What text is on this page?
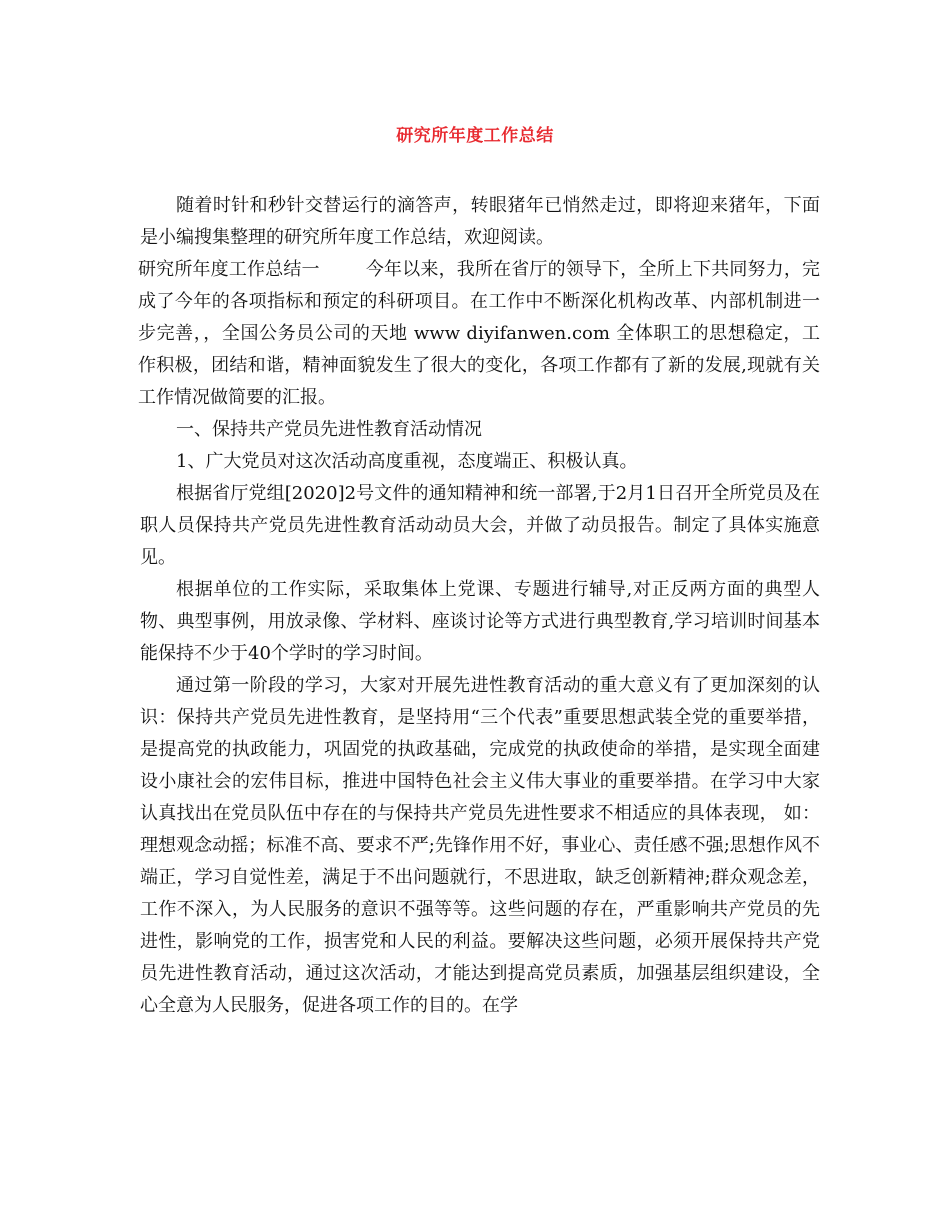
研究所年度工作总结

随着时针和秒针交替运行的滴答声，转眼猪年已悄然走过，即将迎来猪年，下面是小编搜集整理的研究所年度工作总结，欢迎阅读。

研究所年度工作总结一	今年以来，我所在省厅的领导下，全所上下共同努力，完成了今年的各项指标和预定的科研项目。在工作中不断深化机构改革、内部机制进一步完善，，全国公务员公司的天地 www diyifanwen.com 全体职工的思想稳定，工作积极，团结和谐，精神面貌发生了很大的变化，各项工作都有了新的发展,现就有关工作情况做简要的汇报。

一、保持共产党员先进性教育活动情况

1、广大党员对这次活动高度重视，态度端正、积极认真。

根据省厅党组[2020]2号文件的通知精神和统一部署,于2月1日召开全所党员及在职人员保持共产党员先进性教育活动动员大会，并做了动员报告。制定了具体实施意见。

根据单位的工作实际，采取集体上党课、专题进行辅导,对正反两方面的典型人物、典型事例，用放录像、学材料、座谈讨论等方式进行典型教育,学习培训时间基本能保持不少于40个学时的学习时间。

通过第一阶段的学习，大家对开展先进性教育活动的重大意义有了更加深刻的认识：保持共产党员先进性教育，是坚持用“三个代表”重要思想武装全党的重要举措，是提高党的执政能力，巩固党的执政基础，完成党的执政使命的举措，是实现全面建设小康社会的宏伟目标，推进中国特色社会主义伟大事业的重要举措。在学习中大家认真找出在党员队伍中存在的与保持共产党员先进性要求不相适应的具体表现， 如： 理想观念动摇；标准不高、要求不严;先锋作用不好，事业心、责任感不强;思想作风不端正，学习自觉性差，满足于不出问题就行，不思进取，缺乏创新精神;群众观念差，工作不深入，为人民服务的意识不强等等。这些问题的存在，严重影响共产党员的先进性，影响党的工作，损害党和人民的利益。要解决这些问题，必须开展保持共产党员先进性教育活动，通过这次活动，才能达到提高党员素质，加强基层组织建设，全心全意为人民服务，促进各项工作的目的。在学
